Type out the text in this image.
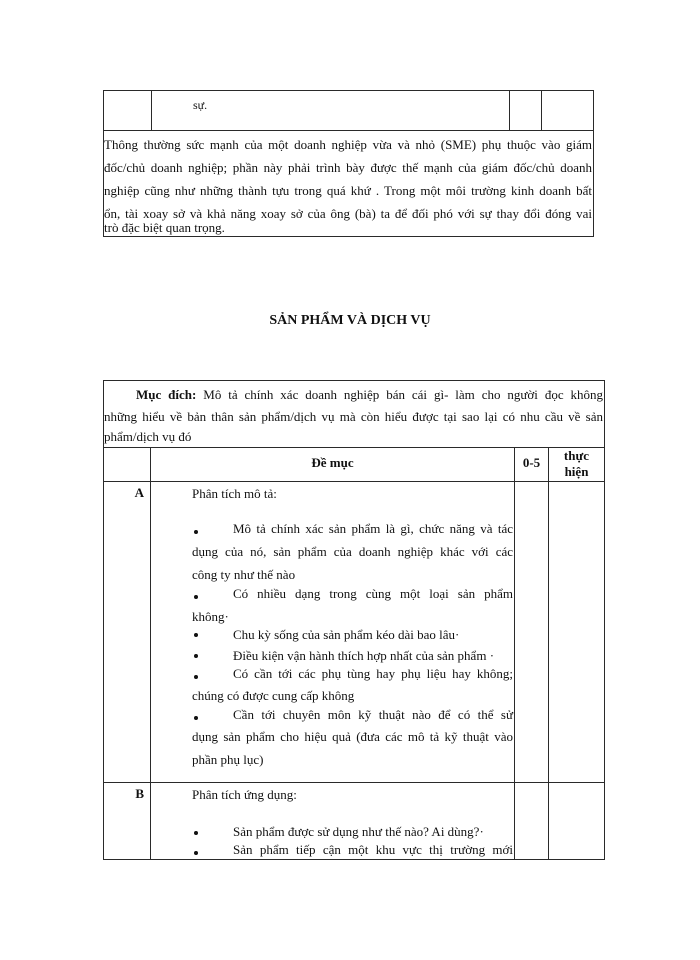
sự.
Thông thường sức mạnh của một doanh nghiệp vừa và nhỏ (SME) phụ thuộc vào giám
đốc/chủ doanh nghiệp; phần này phải trình bày được thế mạnh của giám đốc/chủ doanh
nghiệp cũng như những thành tựu trong quá khứ . Trong một môi trường kinh doanh bất
ổn, tài xoay sở và khả năng xoay sở của ông (bà) ta để đối phó với sự thay đổi đóng vai
trò đặc biệt quan trọng.
SẢN PHẨM VÀ DỊCH VỤ
Mục đích: Mô tả chính xác doanh nghiệp bán cái gì- làm cho người đọc không
những hiểu về bản thân sản phẩm/dịch vụ mà còn hiểu được tại sao lại có nhu cầu về sản
phẩm/dịch vụ đó
Đề mục	0-5	thực
hiện
A	Phân tích mô tả:
Mô tả chính xác sản phẩm là gì, chức năng và tác
dụng của nó, sản phẩm của doanh nghiệp khác với các
công ty như thế nào
Có nhiều dạng trong cùng một loại sản phẩm
không·
Chu kỳ sống của sản phẩm kéo dài bao lâu·
Điều kiện vận hành thích hợp nhất của sản phẩm ·
Có cần tới các phụ tùng hay phụ liệu hay không;
chúng có được cung cấp không
Cần tới chuyên môn kỹ thuật nào để có thể sử
dụng sản phẩm cho hiệu quả (đưa các mô tả kỹ thuật vào
phần phụ lục)
B	Phân tích ứng dụng:
Sản phẩm được sử dụng như thế nào? Ai dùng?·
Sản phẩm tiếp cận một khu vực thị trường mới
